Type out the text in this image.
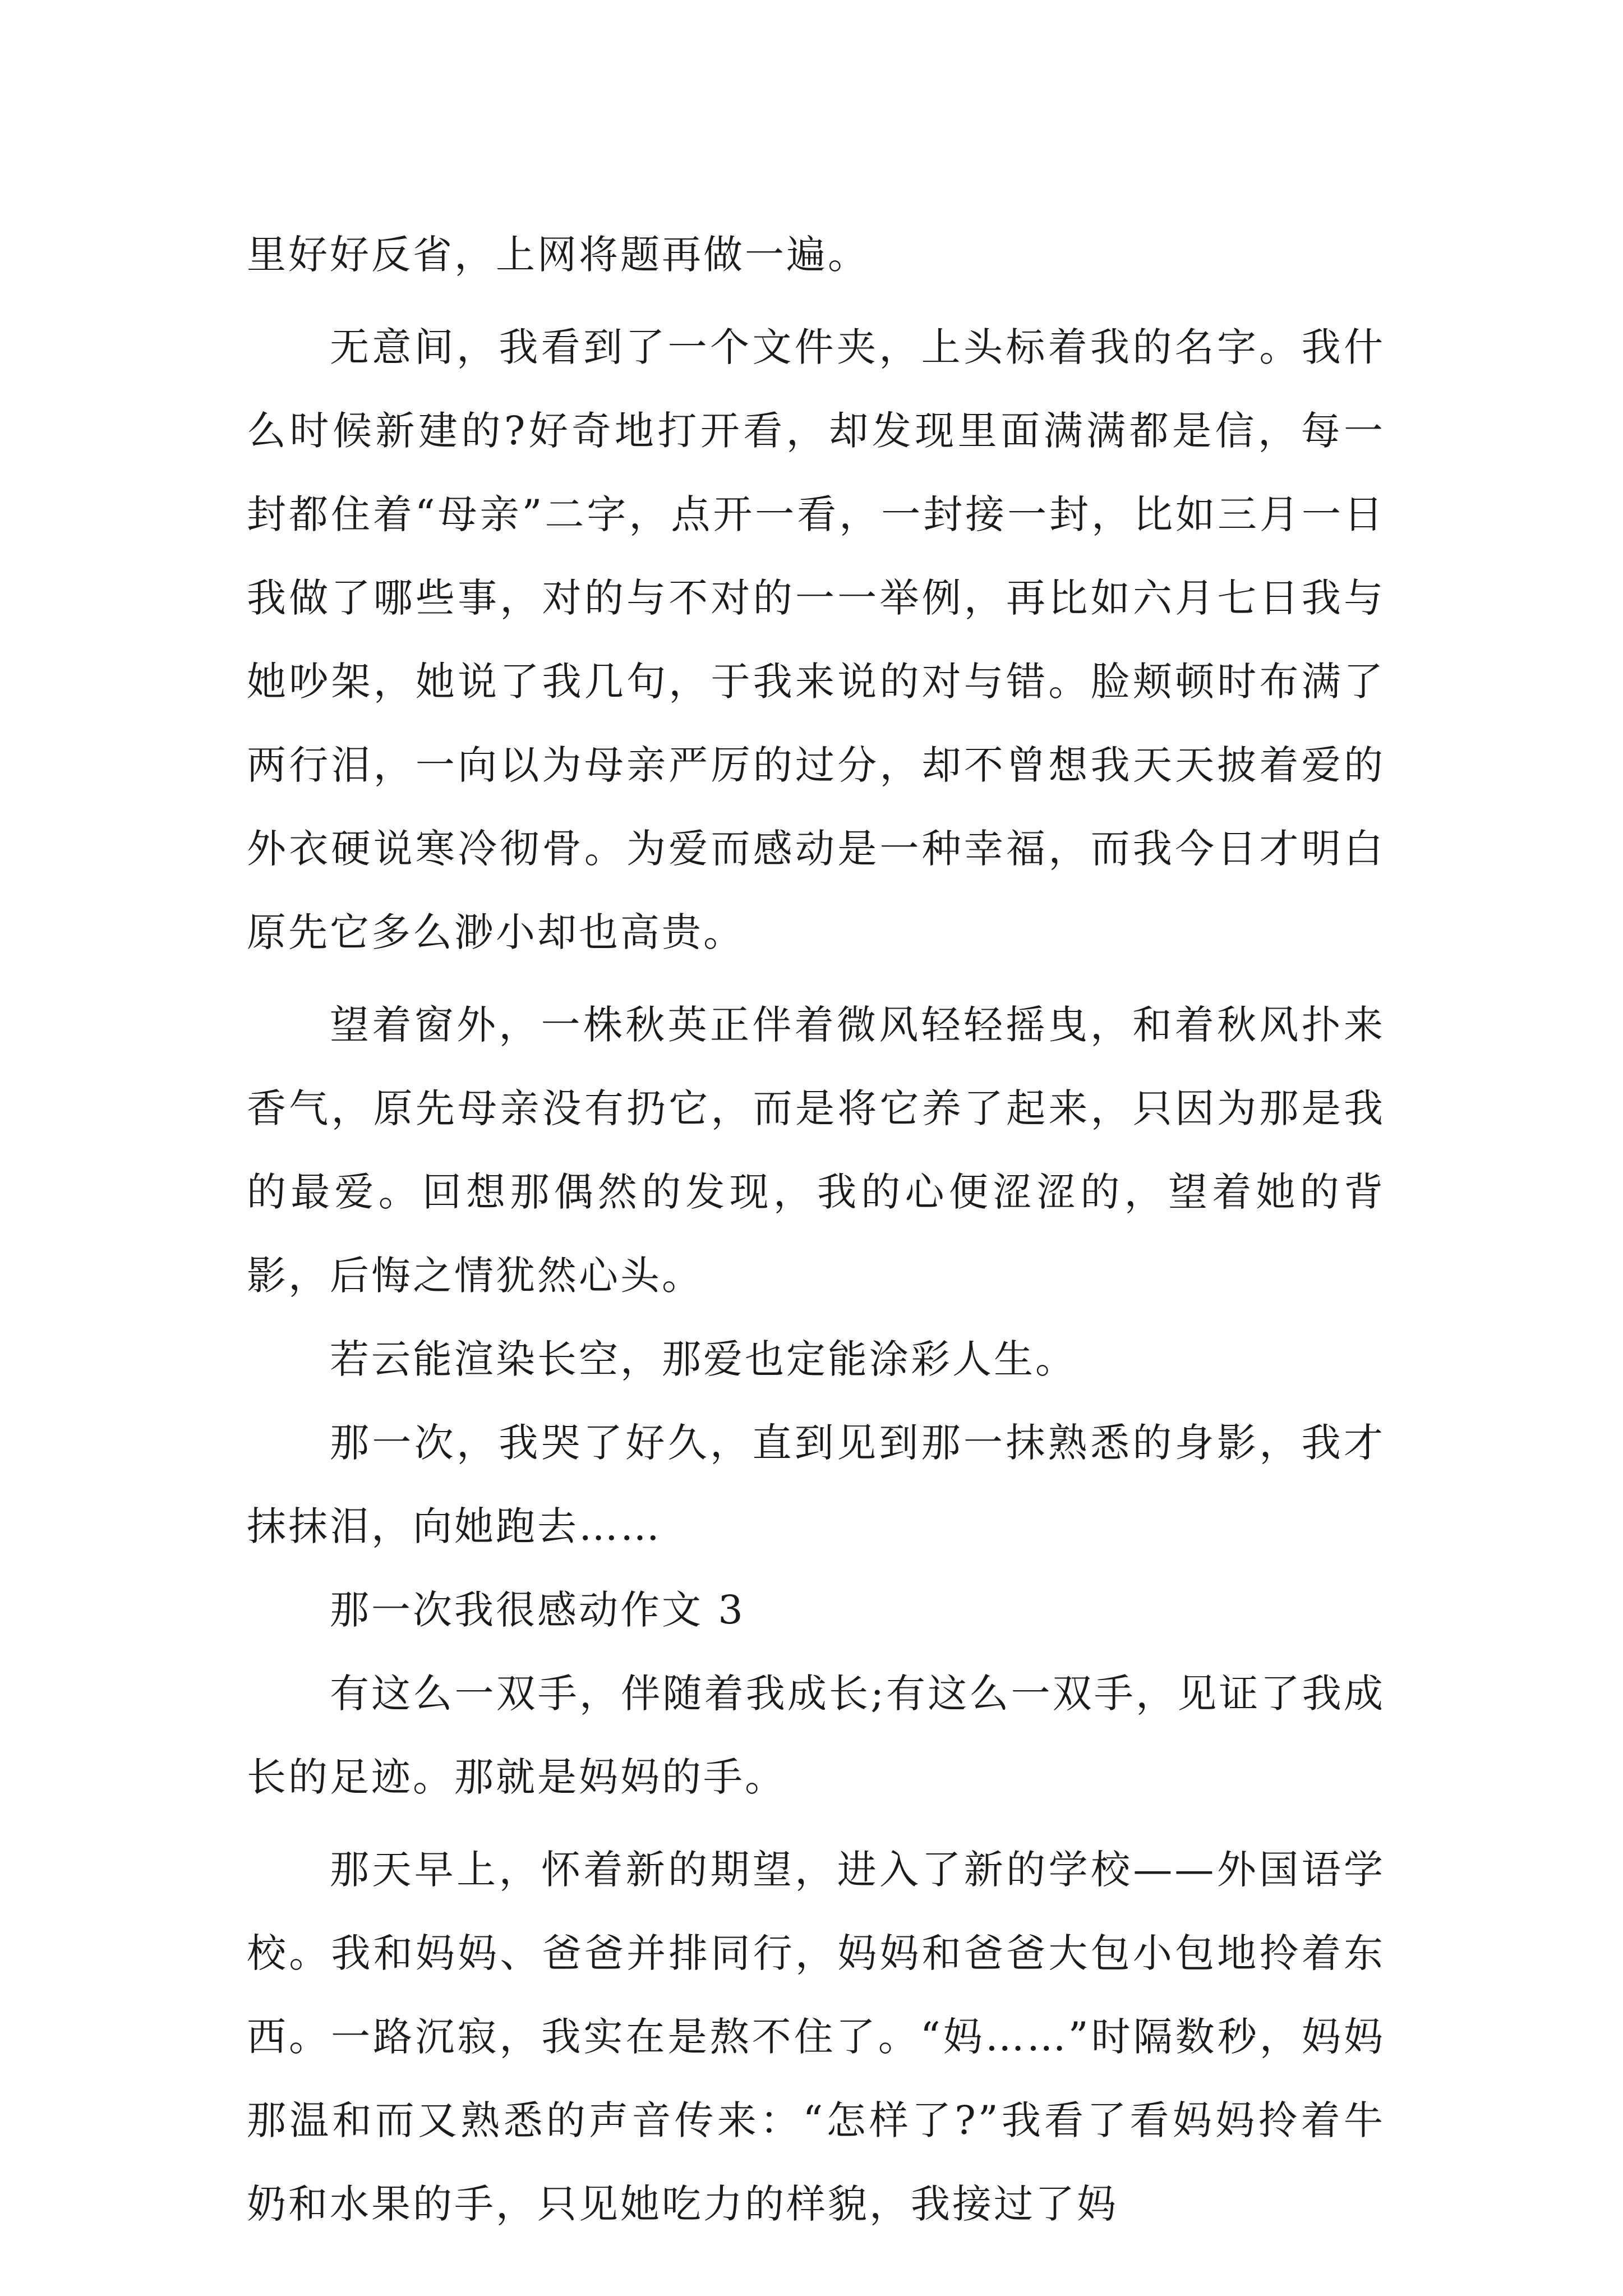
里好好反省，上网将题再做一遍。

无意间，我看到了一个文件夹，上头标着我的名字。我什么时候新建的?好奇地打开看，却发现里面满满都是信，每一封都住着“母亲”二字，点开一看，一封接一封，比如三月一日我做了哪些事，对的与不对的一一举例，再比如六月七日我与她吵架，她说了我几句，于我来说的对与错。脸颊顿时布满了两行泪，一向以为母亲严厉的过分，却不曾想我天天披着爱的外衣硬说寒冷彻骨。为爱而感动是一种幸福，而我今日才明白原先它多么渺小却也高贵。

望着窗外，一株秋英正伴着微风轻轻摇曳，和着秋风扑来香气，原先母亲没有扔它，而是将它养了起来，只因为那是我的最爱。回想那偶然的发现，我的心便涩涩的，望着她的背影，后悔之情犹然心头。

若云能渲染长空，那爱也定能涂彩人生。

那一次，我哭了好久，直到见到那一抹熟悉的身影，我才抹抹泪，向她跑去……

那一次我很感动作文 3

有这么一双手，伴随着我成长;有这么一双手，见证了我成长的足迹。那就是妈妈的手。

那天早上，怀着新的期望，进入了新的学校——外国语学校。我和妈妈、爸爸并排同行，妈妈和爸爸大包小包地拎着东西。一路沉寂，我实在是熬不住了。“妈……”时隔数秒，妈妈那温和而又熟悉的声音传来：“怎样了?”我看了看妈妈拎着牛奶和水果的手，只见她吃力的样貌，我接过了妈
